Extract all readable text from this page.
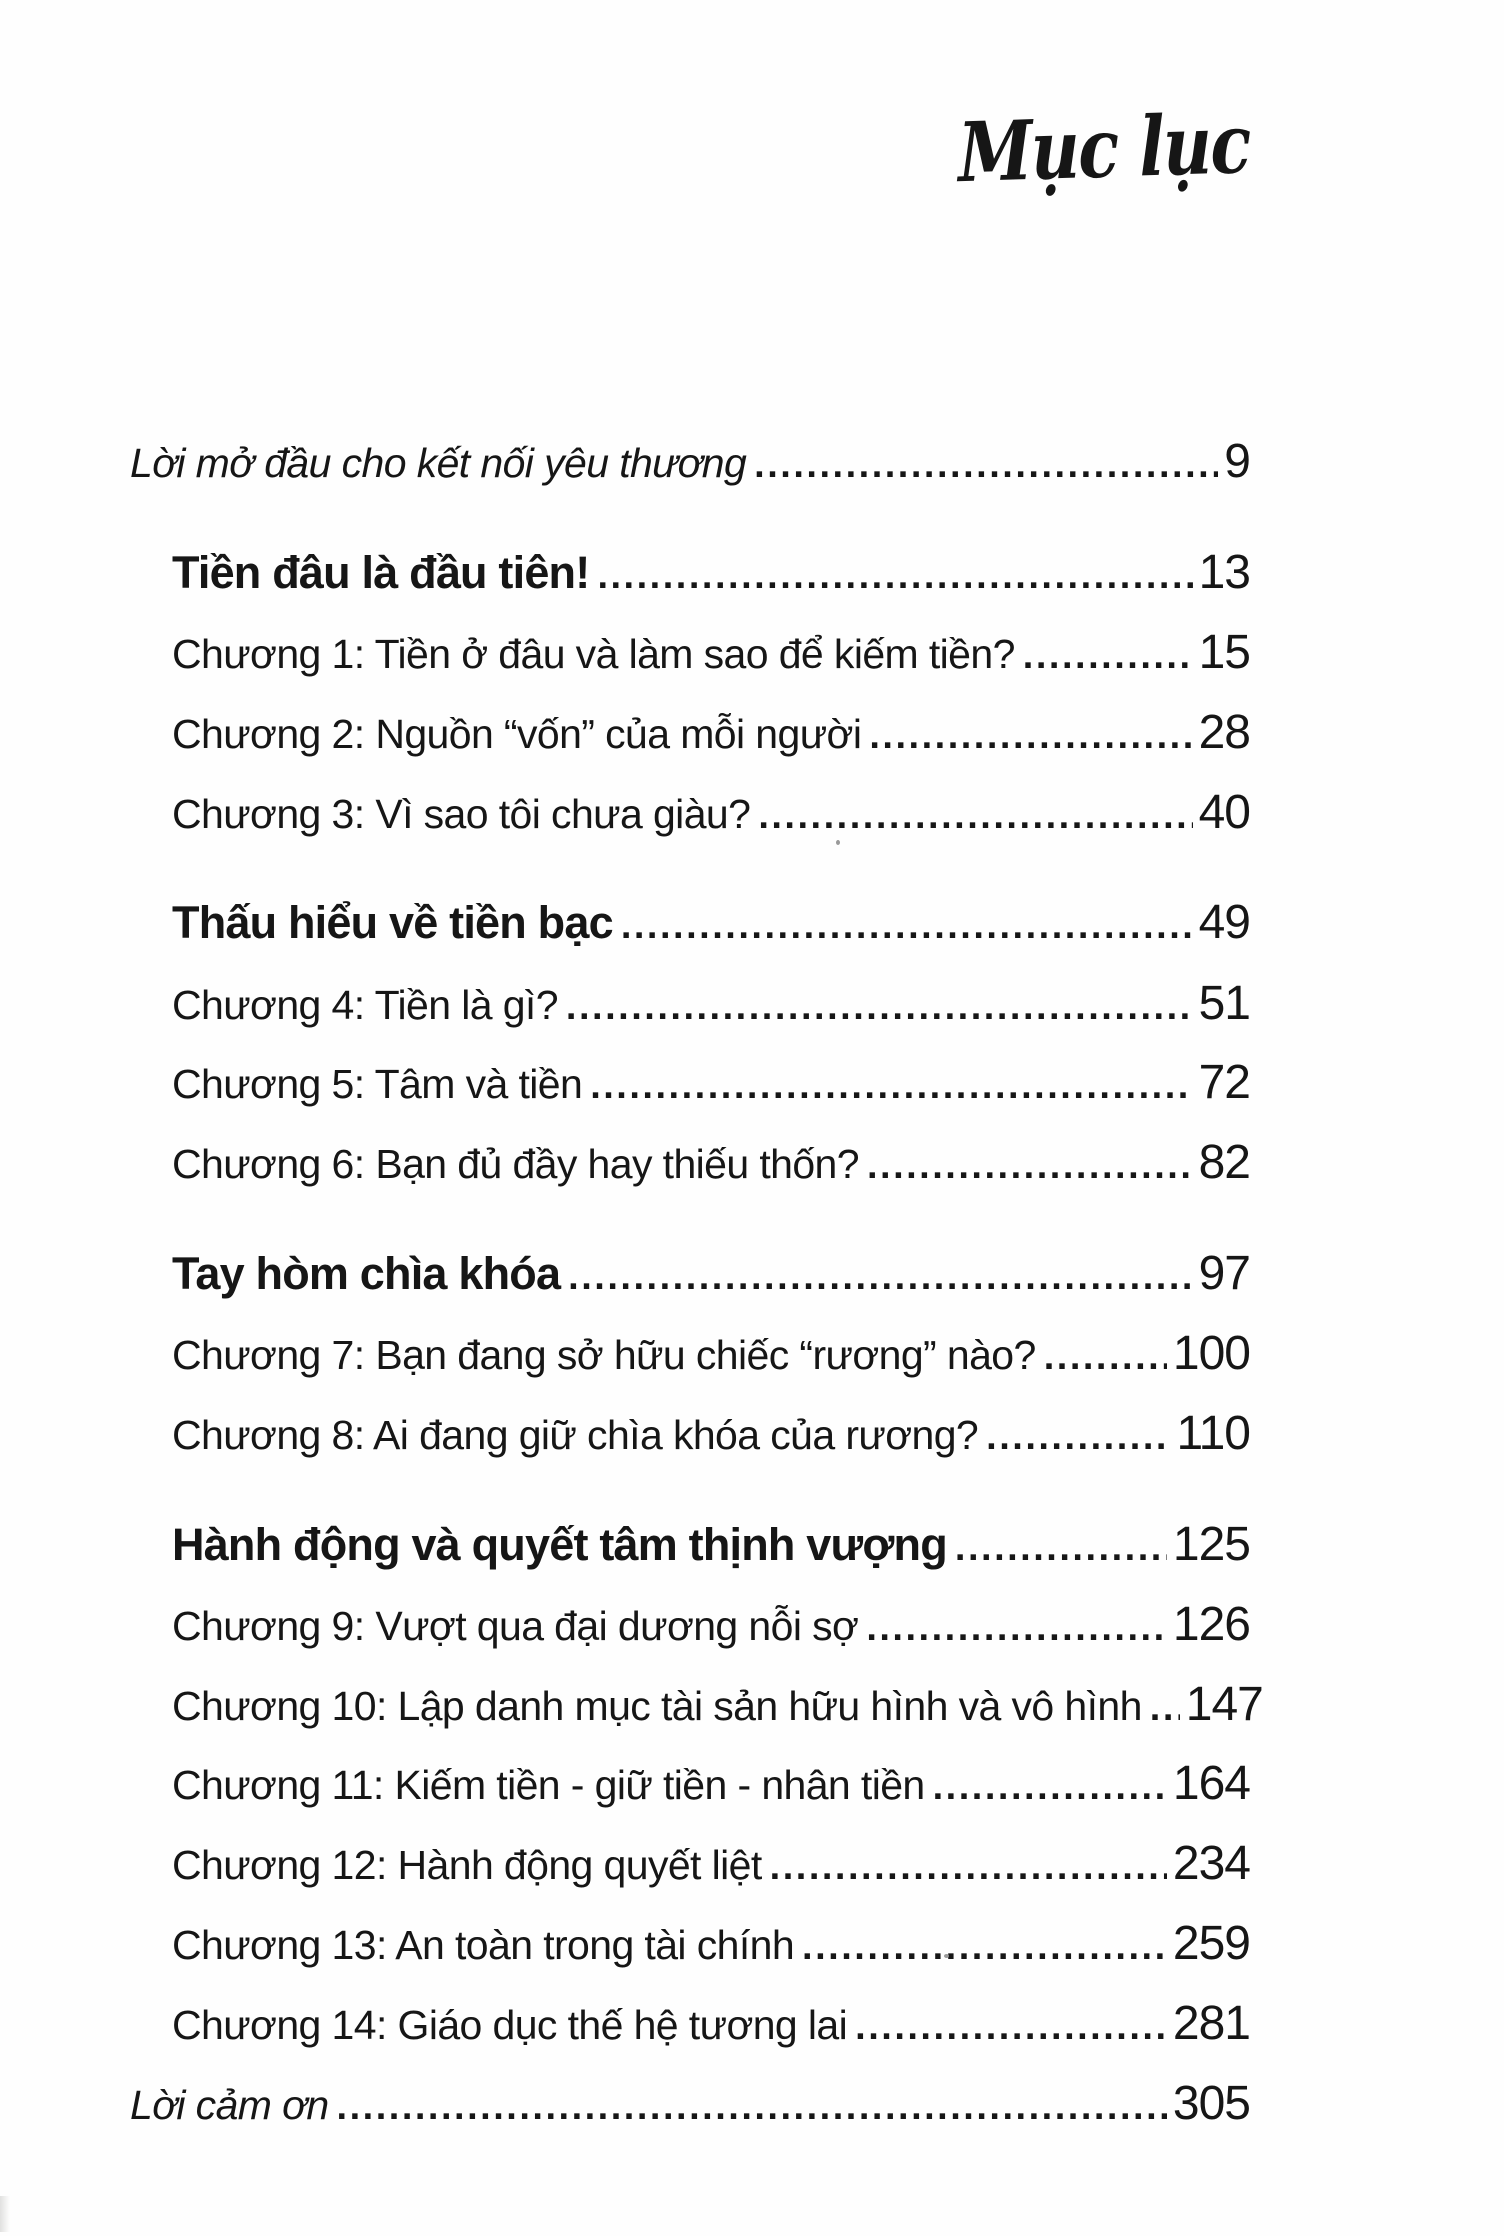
Mục lục
Lời mở đầu cho kết nối yêu thương .....	9
Tiền đâu là đầu tiên! .....	13
Chương 1: Tiền ở đâu và làm sao để kiếm tiền? .....	15
Chương 2: Nguồn “vốn” của mỗi người .....	28
Chương 3: Vì sao tôi chưa giàu? .....	40
Thấu hiểu về tiền bạc .....	49
Chương 4: Tiền là gì? .....	51
Chương 5: Tâm và tiền .....	72
Chương 6: Bạn đủ đầy hay thiếu thốn? .....	82
Tay hòm chìa khóa .....	97
Chương 7: Bạn đang sở hữu chiếc “rương” nào? .....	100
Chương 8: Ai đang giữ chìa khóa của rương? .....	110
Hành động và quyết tâm thịnh vượng .....	125
Chương 9: Vượt qua đại dương nỗi sợ .....	126
Chương 10: Lập danh mục tài sản hữu hình và vô hình ..... 147
Chương 11: Kiếm tiền - giữ tiền - nhân tiền .....	164
Chương 12: Hành động quyết liệt .....	234
Chương 13: An toàn trong tài chính .....	259
Chương 14: Giáo dục thế hệ tương lai .....	281
Lời cảm ơn .....	305
